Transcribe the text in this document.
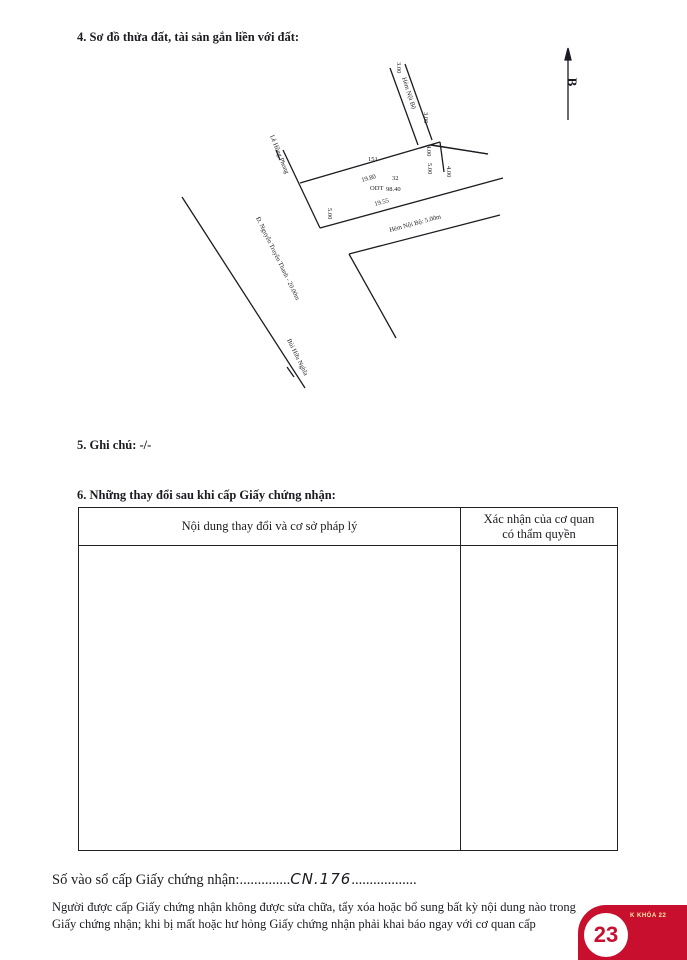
4. Sơ đồ thửa đất, tài sản gắn liền với đất:
B
151
19.80
ODT
32
98.40
19.55
5.00
5.00
4.00
4.00
3.00
3.00
Hẻm Nội Bộ
Hẻm Nội Bộ: 5.00m
Lê Hồng Phong
Đ. Nguyễn Truyền Thanh - 20.00m
Bùi Hữu Nghĩa
5. Ghi chú: -/-
6. Những thay đổi sau khi cấp Giấy chứng nhận:
Nội dung thay đổi và cơ sở pháp lý	Xác nhận của cơ quan
có thẩm quyền

Số vào sổ cấp Giấy chứng nhận:..............CN.176..................
Người được cấp Giấy chứng nhận không được sửa chữa, tẩy xóa hoặc bổ sung bất kỳ nội dung nào trong
Giấy chứng nhận; khi bị mất hoặc hư hỏng Giấy chứng nhận phải khai báo ngay với cơ quan cấp	23
K KHÓA 22
